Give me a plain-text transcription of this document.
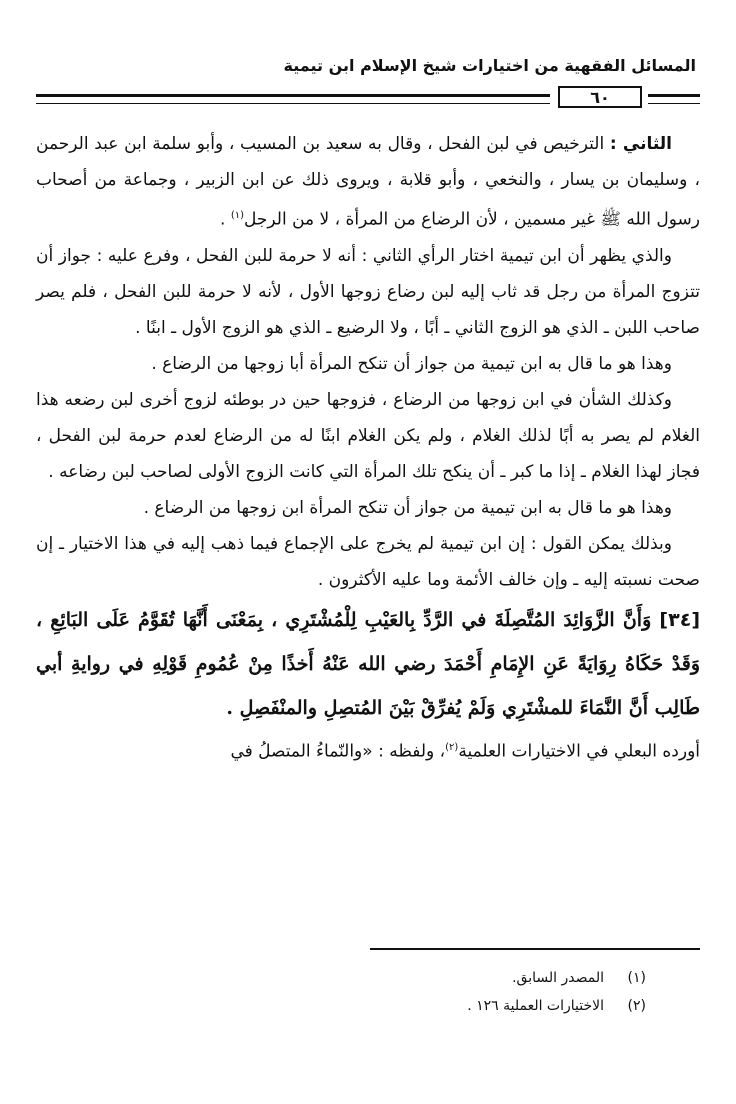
المسائل الفقهية من اختيارات شيخ الإسلام ابن تيمية
٦٠

الثاني : الترخيص في لبن الفحل ، وقال به سعيد بن المسيب ، وأبو سلمة ابن عبد الرحمن ، وسليمان بن يسار ، والنخعي ، وأبو قلابة ، ويروى ذلك عن ابن الزبير ، وجماعة من أصحاب رسول الله ﷺ غير مسمين ، لأن الرضاع من المرأة ، لا من الرجل$^{(١)}$ .

والذي يظهر أن ابن تيمية اختار الرأي الثاني : أنه لا حرمة للبن الفحل ، وفرع عليه : جواز أن تتزوج المرأة من رجل قد ثاب إليه لبن رضاع زوجها الأول ، لأنه لا حرمة للبن الفحل ، فلم يصر صاحب اللبن ـ الذي هو الزوج الثاني ـ أبًا ، ولا الرضيع ـ الذي هو الزوج الأول ـ ابنًا .

وهذا هو ما قال به ابن تيمية من جواز أن تنكح المرأة أبا زوجها من الرضاع .

وكذلك الشأن في ابن زوجها من الرضاع ، فزوجها حين در بوطئه لزوج أخرى لبن رضعه هذا الغلام لم يصر به أبًا لذلك الغلام ، ولم يكن الغلام ابنًا له من الرضاع لعدم حرمة لبن الفحل ، فجاز لهذا الغلام ـ إذا ما كبر ـ أن ينكح تلك المرأة التي كانت الزوج الأولى لصاحب لبن رضاعه .

وهذا هو ما قال به ابن تيمية من جواز أن تنكح المرأة ابن زوجها من الرضاع .

وبذلك يمكن القول : إن ابن تيمية لم يخرج على الإجماع فيما ذهب إليه في هذا الاختيار ـ إن صحت نسبته إليه ـ وإن خالف الأئمة وما عليه الأكثرون .

[٣٤] وَأَنَّ الزَّوَائِدَ المُتَّصِلَةَ في الرَّدِّ بِالعَيْبِ لِلْمُشْتَرِي ، بِمَعْنَى أَنَّهَا تُقَوَّمُ عَلَى البَائِعِ ، وَقَدْ حَكَاهُ رِوَايَةً عَنِ الإِمَامِ أَحْمَدَ رضي الله عَنْهُ أَخذًا مِنْ عُمُومِ قَوْلِهِ في روايةِ أبي طَالِب أَنَّ النَّمَاءَ للمشْتَرِي وَلَمْ يُفرِّقْ بَيْنَ المُتصِلِ والمنْفَصِلِ .

أورده البعلي في الاختيارات العلمية$^{(٢)}$، ولفظه : «والنّماءُ المتصلُ في

(١)
المصدر السابق.
(٢)
الاختيارات العملية ١٢٦ .
